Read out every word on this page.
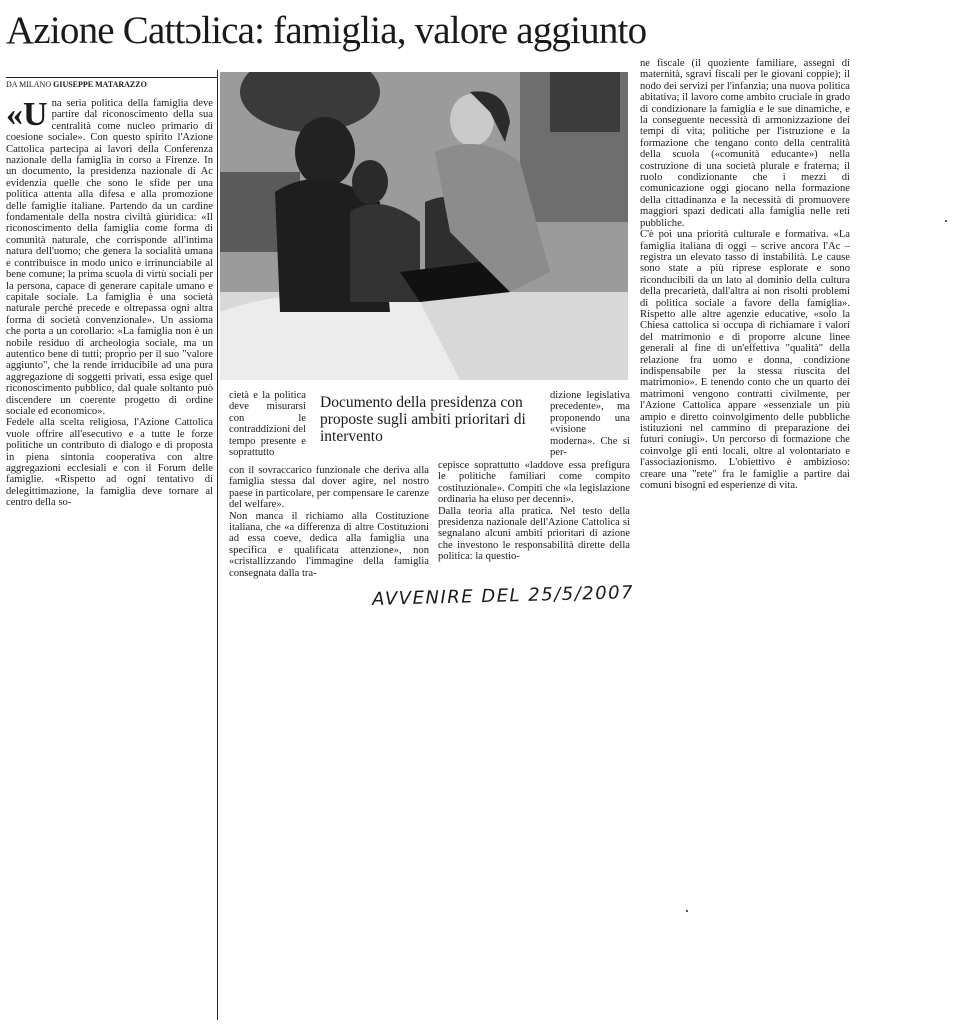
Azione Cattɔlica: famiglia, valore aggiunto
DA MILANO GIUSEPPE MATARAZZO
«U na seria politica della famiglia deve partire dal riconoscimento della sua centralità come nucleo primario di coesione sociale». Con questo spirito l'Azione Cattolica partecipa ai lavori della Conferenza nazionale della famiglia in corso a Firenze. In un documento, la presidenza nazionale di Ac evidenzia quelle che sono le sfide per una politica attenta alla difesa e alla promozione delle famiglie italiane. Partendo da un cardine fondamentale della nostra civiltà giuridica: «Il riconoscimento della famiglia come forma di comunità naturale, che corrisponde all'intima natura dell'uomo; che genera la socialità umana e contribuisce in modo unico e irrinunciabile al bene comune; la prima scuola di virtù sociali per la persona, capace di generare capitale umano e capitale sociale. La famiglia è una società naturale perché precede e oltrepassa ogni altra forma di società convenzionale». Un assioma che porta a un corollario: «La famiglia non è un nobile residuo di archeologia sociale, ma un autentico bene di tutti; proprio per il suo "valore aggiunto", che la rende irriducibile ad una pura aggregazione di soggetti privati, essa esige quel riconoscimento pubblico, dal quale soltanto può discendere un coerente progetto di ordine sociale ed economico».

Fedele alla scelta religiosa, l'Azione Cattolica vuole offrire all'esecutivo e a tutte le forze politiche un contributo di dialogo e di proposta in piena sintonia cooperativa con altre aggregazioni ecclesiali e con il Forum delle famiglie. «Rispetto ad ogni tentativo di delegittimazione, la famiglia deve tornare al centro della so-

Documento della presidenza con proposte sugli ambiti prioritari di intervento
cietà e la politica deve misurarsi con le contraddizioni del tempo presente e soprattutto

con il sovraccarico funzionale che deriva alla famiglia stessa dal dover agire, nel nostro paese in particolare, per compensare le carenze del welfare».

Non manca il richiamo alla Costituzione italiana, che «a differenza di altre Costituzioni ad essa coeve, dedica alla famiglia una specifica e qualificata attenzione», non «cristallizzando l'immagine della famiglia consegnata dalla tra-

dizione legislativa precedente», ma proponendo una «visione moderna». Che si per-

cepisce soprattutto «laddove essa prefigura le politiche familiari come compito costituzionale». Compiti che «la legislazione ordinaria ha eluso per decenni».

Dalla teoria alla pratica. Nel testo della presidenza nazionale dell'Azione Cattolica si segnalano alcuni ambiti prioritari di azione che investono le responsabilità dirette della politica: la questio-

ne fiscale (il quoziente familiare, assegni di maternità, sgravi fiscali per le giovani coppie); il nodo dei servizi per l'infanzia; una nuova politica abitativa; il lavoro come ambito cruciale in grado di condizionare la famiglia e le sue dinamiche, e la conseguente necessità di armonizzazione dei tempi di vita; politiche per l'istruzione e la formazione che tengano conto della centralità della scuola («comunità educante») nella costruzione di una società plurale e fraterna; il ruolo condizionante che i mezzi di comunicazione oggi giocano nella formazione della cittadinanza e la necessità di promuovere maggiori spazi dedicati alla famiglia nelle reti pubbliche.

C'è poi una priorità culturale e formativa. «La famiglia italiana di oggi – scrive ancora l'Ac – registra un elevato tasso di instabilità. Le cause sono state a più riprese esplorate e sono riconducibili da un lato al dominio della cultura della precarietà, dall'altra ai non risolti problemi di politica sociale a favore della famiglia». Rispetto alle altre agenzie educative, «solo la Chiesa cattolica si occupa di richiamare i valori del matrimonio e di proporre alcune linee generali al fine di un'effettiva "qualità" della relazione fra uomo e donna, condizione indispensabile per la stessa riuscita del matrimonio». E tenendo conto che un quarto dei matrimoni vengono contratti civilmente, per l'Azione Cattolica appare «essenziale un più ampio e diretto coinvolgimento delle pubbliche istituzioni nel cammino di preparazione dei futuri coniugi». Un percorso di formazione che coinvolge gli enti locali, oltre al volontariato e l'associazionismo. L'obiettivo è ambizioso: creare una "rete" fra le famiglie a partire dai comuni bisogni ed esperienze di vita.

AVVENIRE DEL 25/5/2007
